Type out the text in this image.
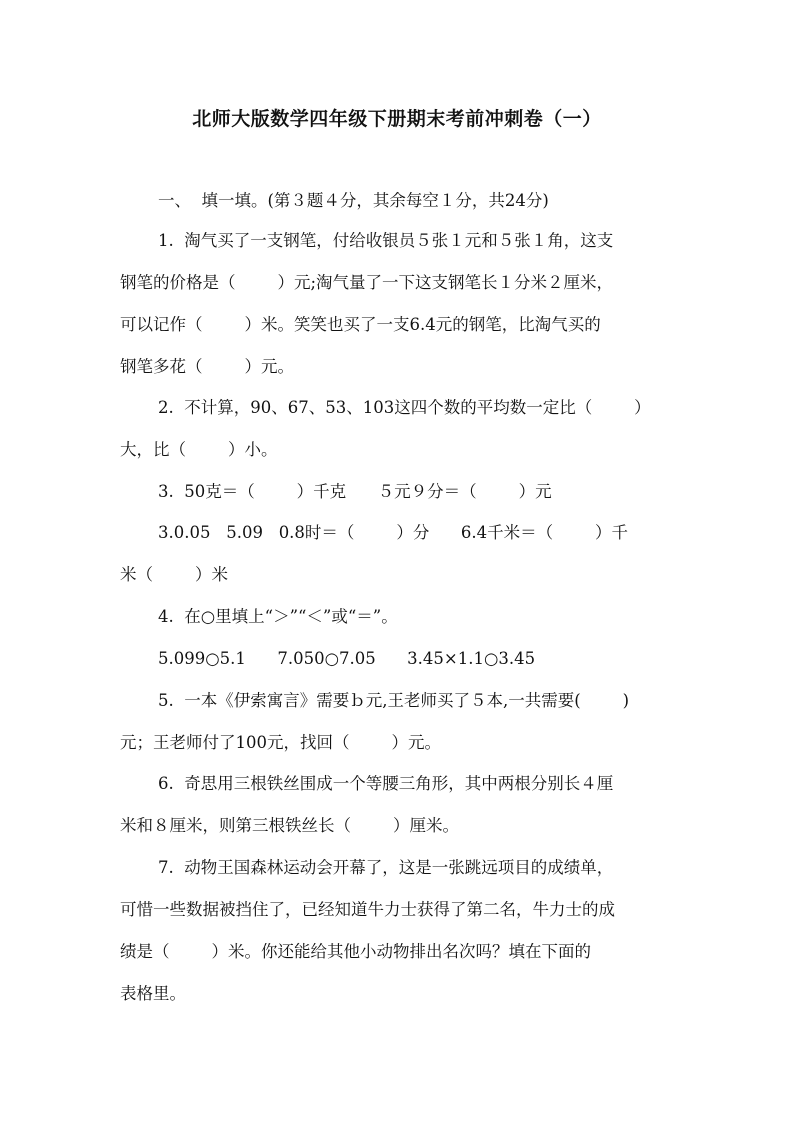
北师大版数学四年级下册期末考前冲刺卷（一）
一、  填一填。(第３题４分，其余每空１分，共24分)
1.  淘气买了一支钢笔，付给收银员５张１元和５张１角，这支
钢笔的价格是（        ）元;淘气量了一下这支钢笔长１分米２厘米，
可以记作（        ）米。笑笑也买了一支6.4元的钢笔，比淘气买的
钢笔多花（        ）元。
2.  不计算，90、67、53、103这四个数的平均数一定比（        ）
大，比（        ）小。
3.  50克＝（        ）千克      ５元９分＝（        ）元
3.0.05   5.09   0.8时＝（        ）分      6.4千米＝（        ）千
米（        ）米
4.  在○里填上“＞”“＜”或“＝”。
5.099○5.1      7.050○7.05      3.45×1.1○3.45
5.  一本《伊索寓言》需要ｂ元,王老师买了５本,一共需要(        )
元；王老师付了100元，找回（        ）元。
6.  奇思用三根铁丝围成一个等腰三角形，其中两根分别长４厘
米和８厘米，则第三根铁丝长（        ）厘米。
7.  动物王国森林运动会开幕了，这是一张跳远项目的成绩单，
可惜一些数据被挡住了，已经知道牛力士获得了第二名，牛力士的成
绩是（        ）米。你还能给其他小动物排出名次吗？填在下面的
表格里。
